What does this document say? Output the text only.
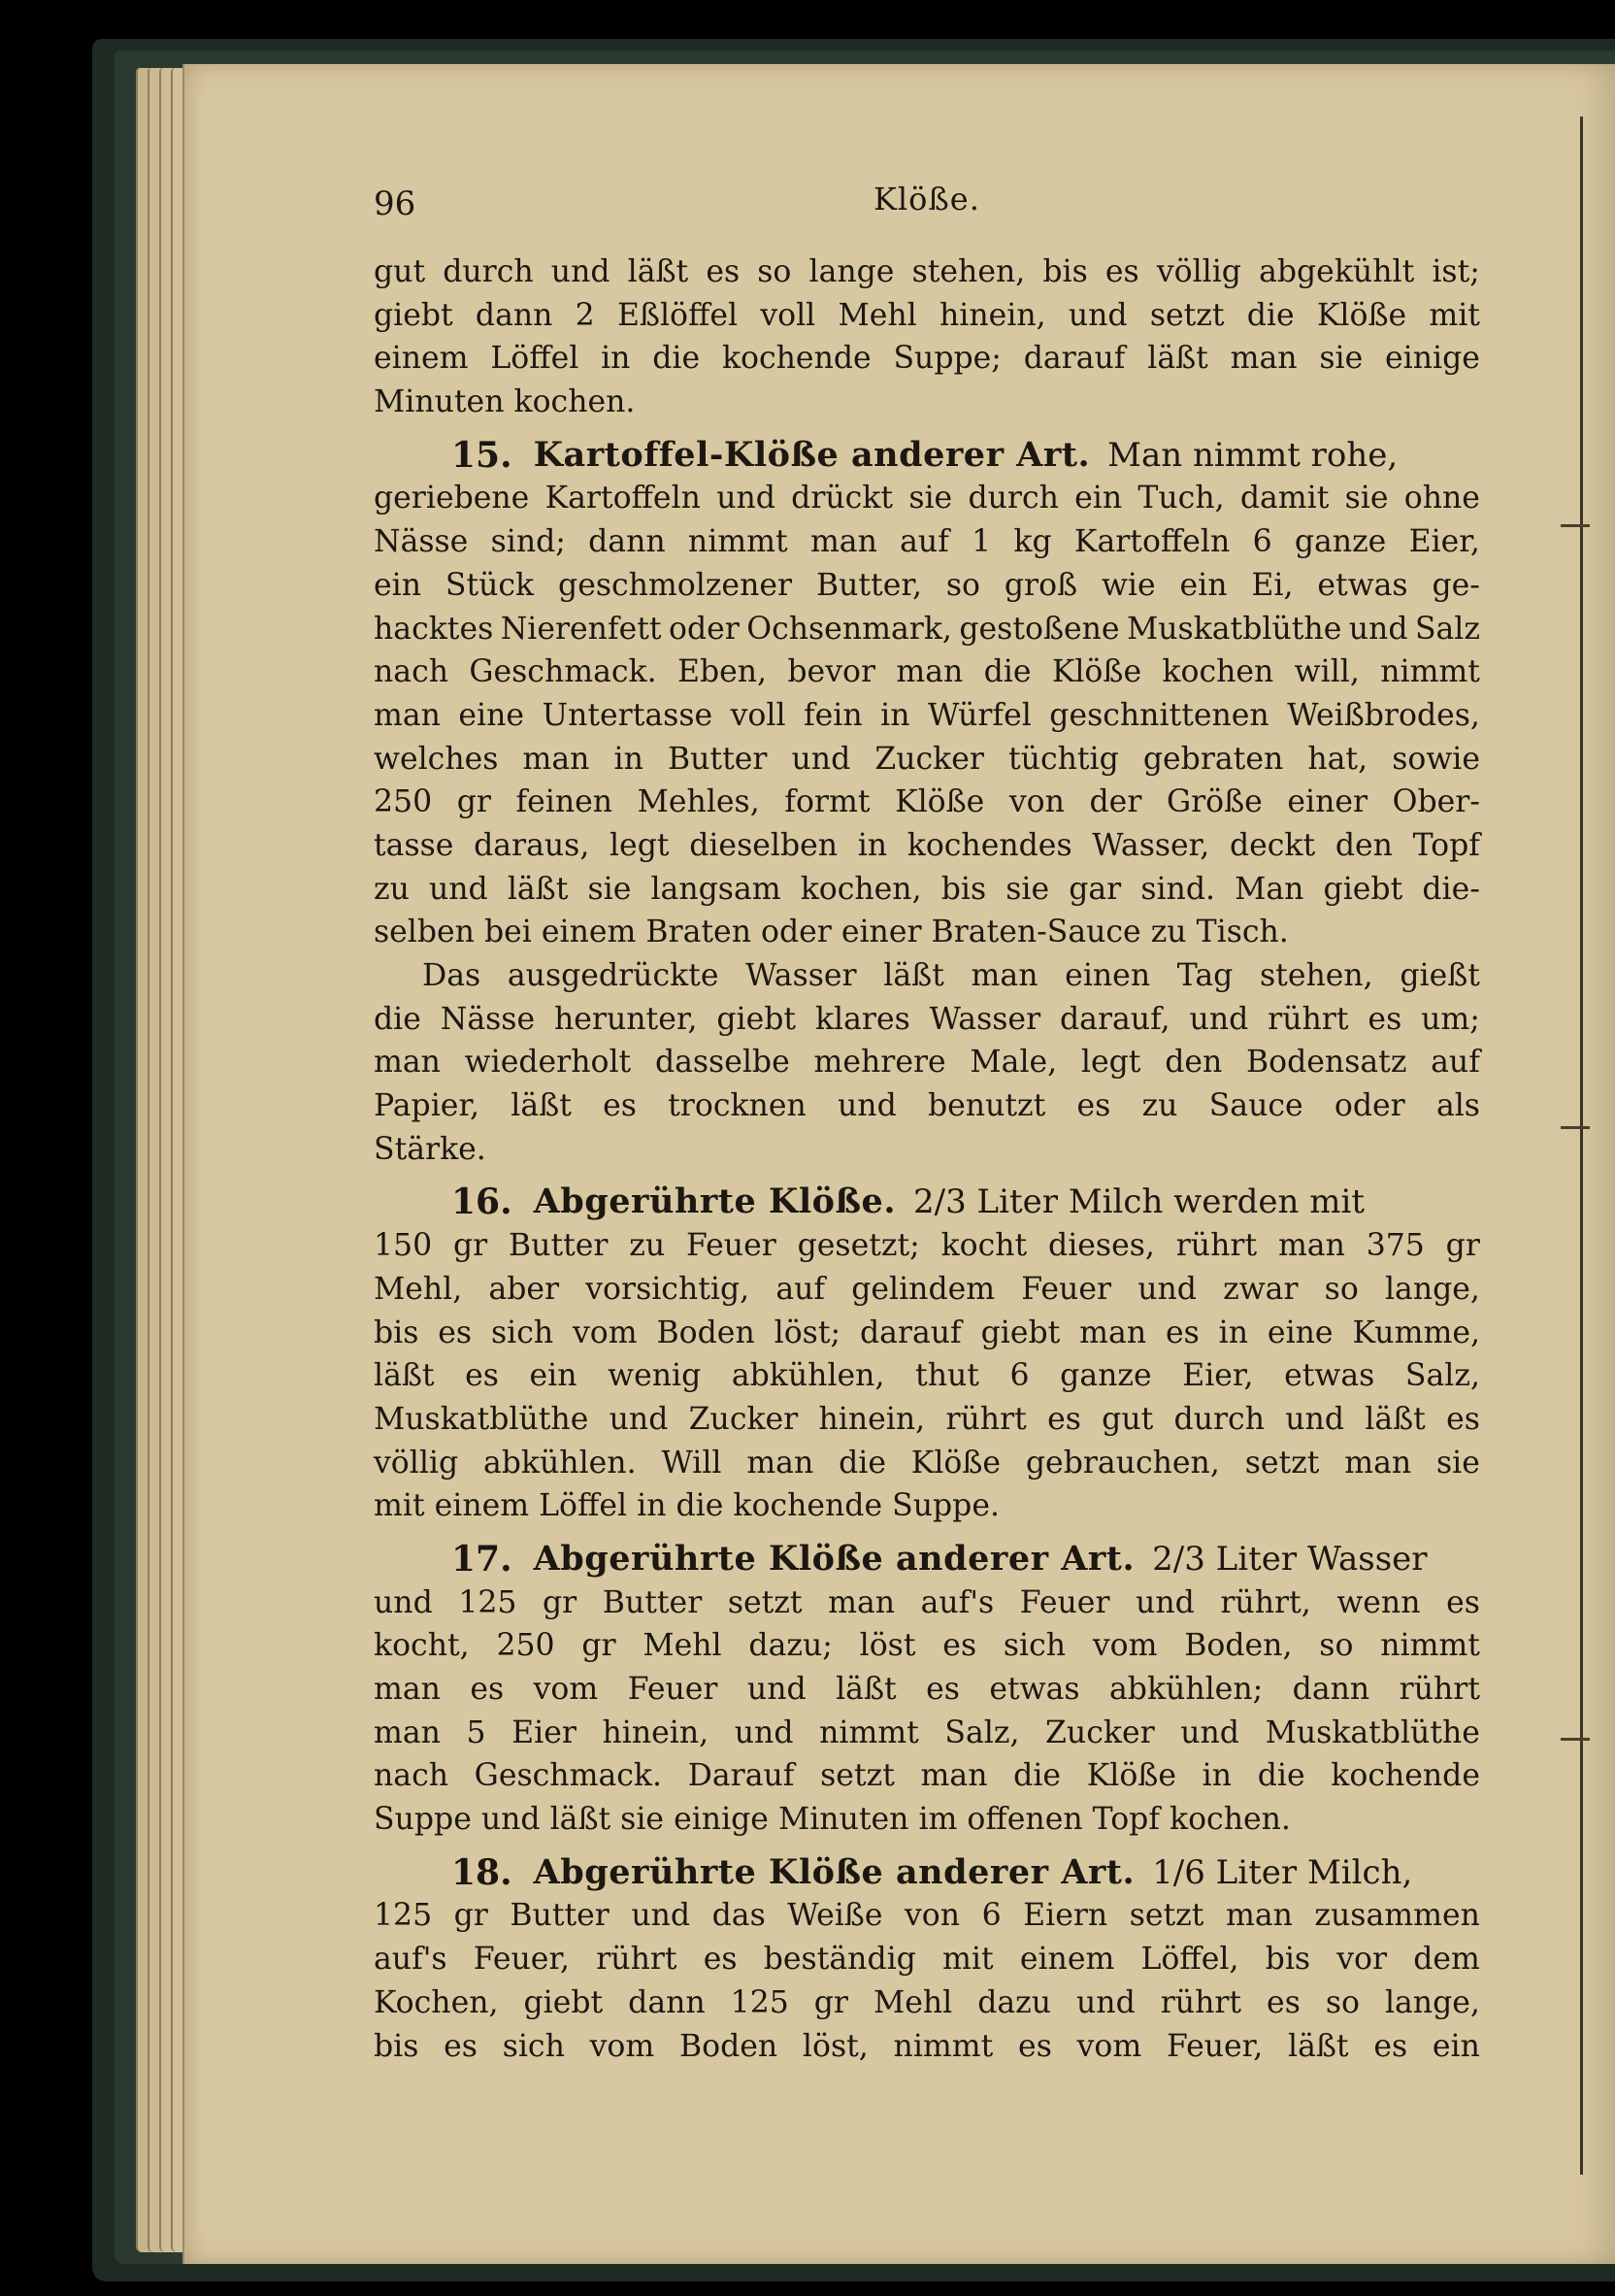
96	Klöße.
gut durch und läßt es so lange stehen, bis es völlig abgekühlt ist;
giebt dann 2 Eßlöffel voll Mehl hinein, und setzt die Klöße mit
einem Löffel in die kochende Suppe; darauf läßt man sie einige
Minuten kochen.
15. Kartoffel-Klöße anderer Art. Man nimmt rohe,
geriebene Kartoffeln und drückt sie durch ein Tuch, damit sie ohne
Nässe sind; dann nimmt man auf 1 kg Kartoffeln 6 ganze Eier,
ein Stück geschmolzener Butter, so groß wie ein Ei, etwas ge-
hacktes Nierenfett oder Ochsenmark, gestoßene Muskatblüthe und Salz
nach Geschmack. Eben, bevor man die Klöße kochen will, nimmt
man eine Untertasse voll fein in Würfel geschnittenen Weißbrodes,
welches man in Butter und Zucker tüchtig gebraten hat, sowie
250 gr feinen Mehles, formt Klöße von der Größe einer Ober-
tasse daraus, legt dieselben in kochendes Wasser, deckt den Topf
zu und läßt sie langsam kochen, bis sie gar sind. Man giebt die-
selben bei einem Braten oder einer Braten-Sauce zu Tisch.
Das ausgedrückte Wasser läßt man einen Tag stehen, gießt
die Nässe herunter, giebt klares Wasser darauf, und rührt es um;
man wiederholt dasselbe mehrere Male, legt den Bodensatz auf
Papier, läßt es trocknen und benutzt es zu Sauce oder als
Stärke.
16. Abgerührte Klöße. 2/3 Liter Milch werden mit
150 gr Butter zu Feuer gesetzt; kocht dieses, rührt man 375 gr
Mehl, aber vorsichtig, auf gelindem Feuer und zwar so lange,
bis es sich vom Boden löst; darauf giebt man es in eine Kumme,
läßt es ein wenig abkühlen, thut 6 ganze Eier, etwas Salz,
Muskatblüthe und Zucker hinein, rührt es gut durch und läßt es
völlig abkühlen. Will man die Klöße gebrauchen, setzt man sie
mit einem Löffel in die kochende Suppe.
17. Abgerührte Klöße anderer Art. 2/3 Liter Wasser
und 125 gr Butter setzt man auf's Feuer und rührt, wenn es
kocht, 250 gr Mehl dazu; löst es sich vom Boden, so nimmt
man es vom Feuer und läßt es etwas abkühlen; dann rührt
man 5 Eier hinein, und nimmt Salz, Zucker und Muskatblüthe
nach Geschmack. Darauf setzt man die Klöße in die kochende
Suppe und läßt sie einige Minuten im offenen Topf kochen.
18. Abgerührte Klöße anderer Art. 1/6 Liter Milch,
125 gr Butter und das Weiße von 6 Eiern setzt man zusammen
auf's Feuer, rührt es beständig mit einem Löffel, bis vor dem
Kochen, giebt dann 125 gr Mehl dazu und rührt es so lange,
bis es sich vom Boden löst, nimmt es vom Feuer, läßt es ein
